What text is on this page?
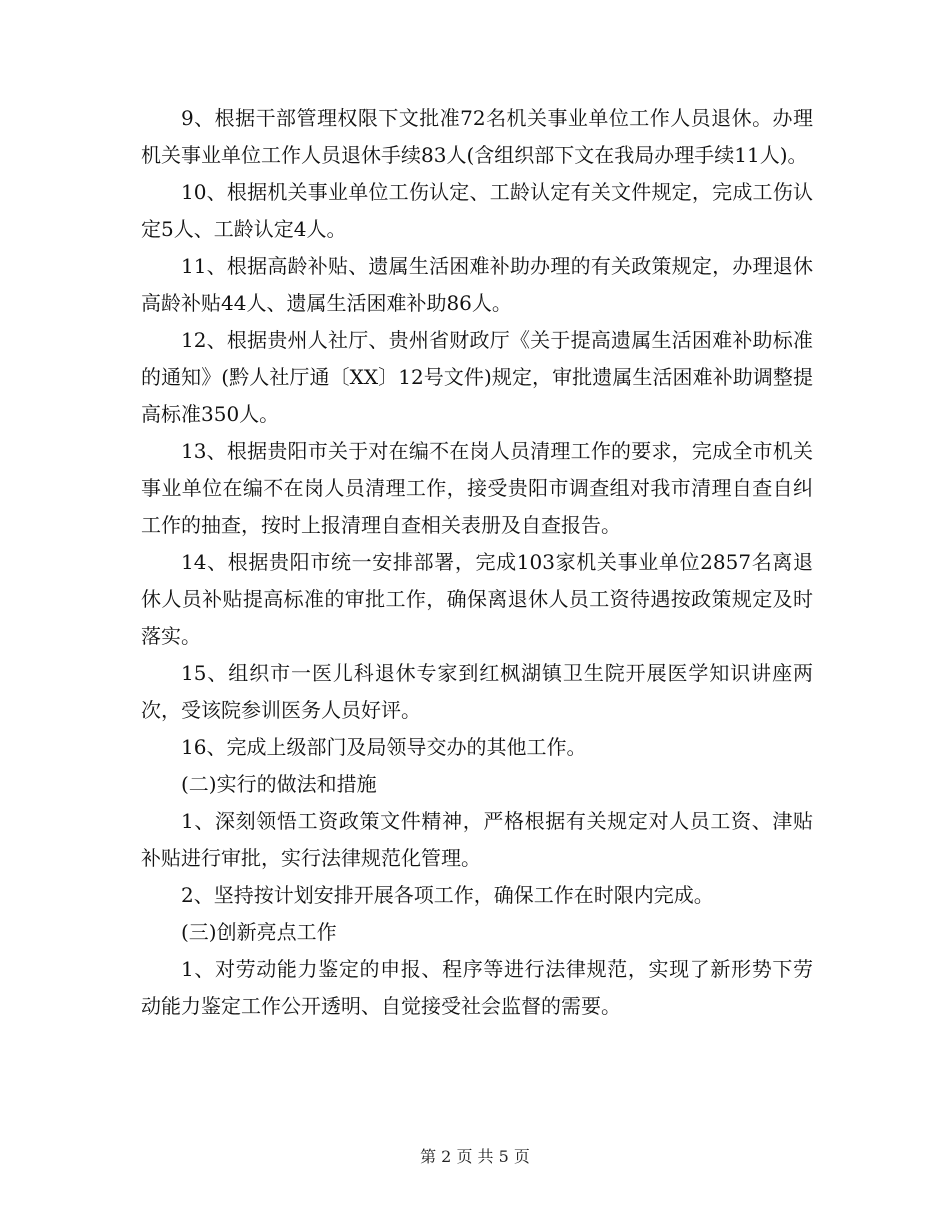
9、根据干部管理权限下文批准72名机关事业单位工作人员退休。办理机关事业单位工作人员退休手续83人(含组织部下文在我局办理手续11人)。

10、根据机关事业单位工伤认定、工龄认定有关文件规定，完成工伤认定5人、工龄认定4人。

11、根据高龄补贴、遗属生活困难补助办理的有关政策规定，办理退休高龄补贴44人、遗属生活困难补助86人。

12、根据贵州人社厅、贵州省财政厅《关于提高遗属生活困难补助标准的通知》(黔人社厅通〔XX〕12号文件)规定，审批遗属生活困难补助调整提高标准350人。

13、根据贵阳市关于对在编不在岗人员清理工作的要求，完成全市机关事业单位在编不在岗人员清理工作，接受贵阳市调查组对我市清理自查自纠工作的抽查，按时上报清理自查相关表册及自查报告。

14、根据贵阳市统一安排部署，完成103家机关事业单位2857名离退休人员补贴提高标准的审批工作，确保离退休人员工资待遇按政策规定及时落实。

15、组织市一医儿科退休专家到红枫湖镇卫生院开展医学知识讲座两次，受该院参训医务人员好评。

16、完成上级部门及局领导交办的其他工作。

(二)实行的做法和措施

1、深刻领悟工资政策文件精神，严格根据有关规定对人员工资、津贴补贴进行审批，实行法律规范化管理。

2、坚持按计划安排开展各项工作，确保工作在时限内完成。

(三)创新亮点工作

1、对劳动能力鉴定的申报、程序等进行法律规范，实现了新形势下劳动能力鉴定工作公开透明、自觉接受社会监督的需要。

第 2 页 共 5 页
